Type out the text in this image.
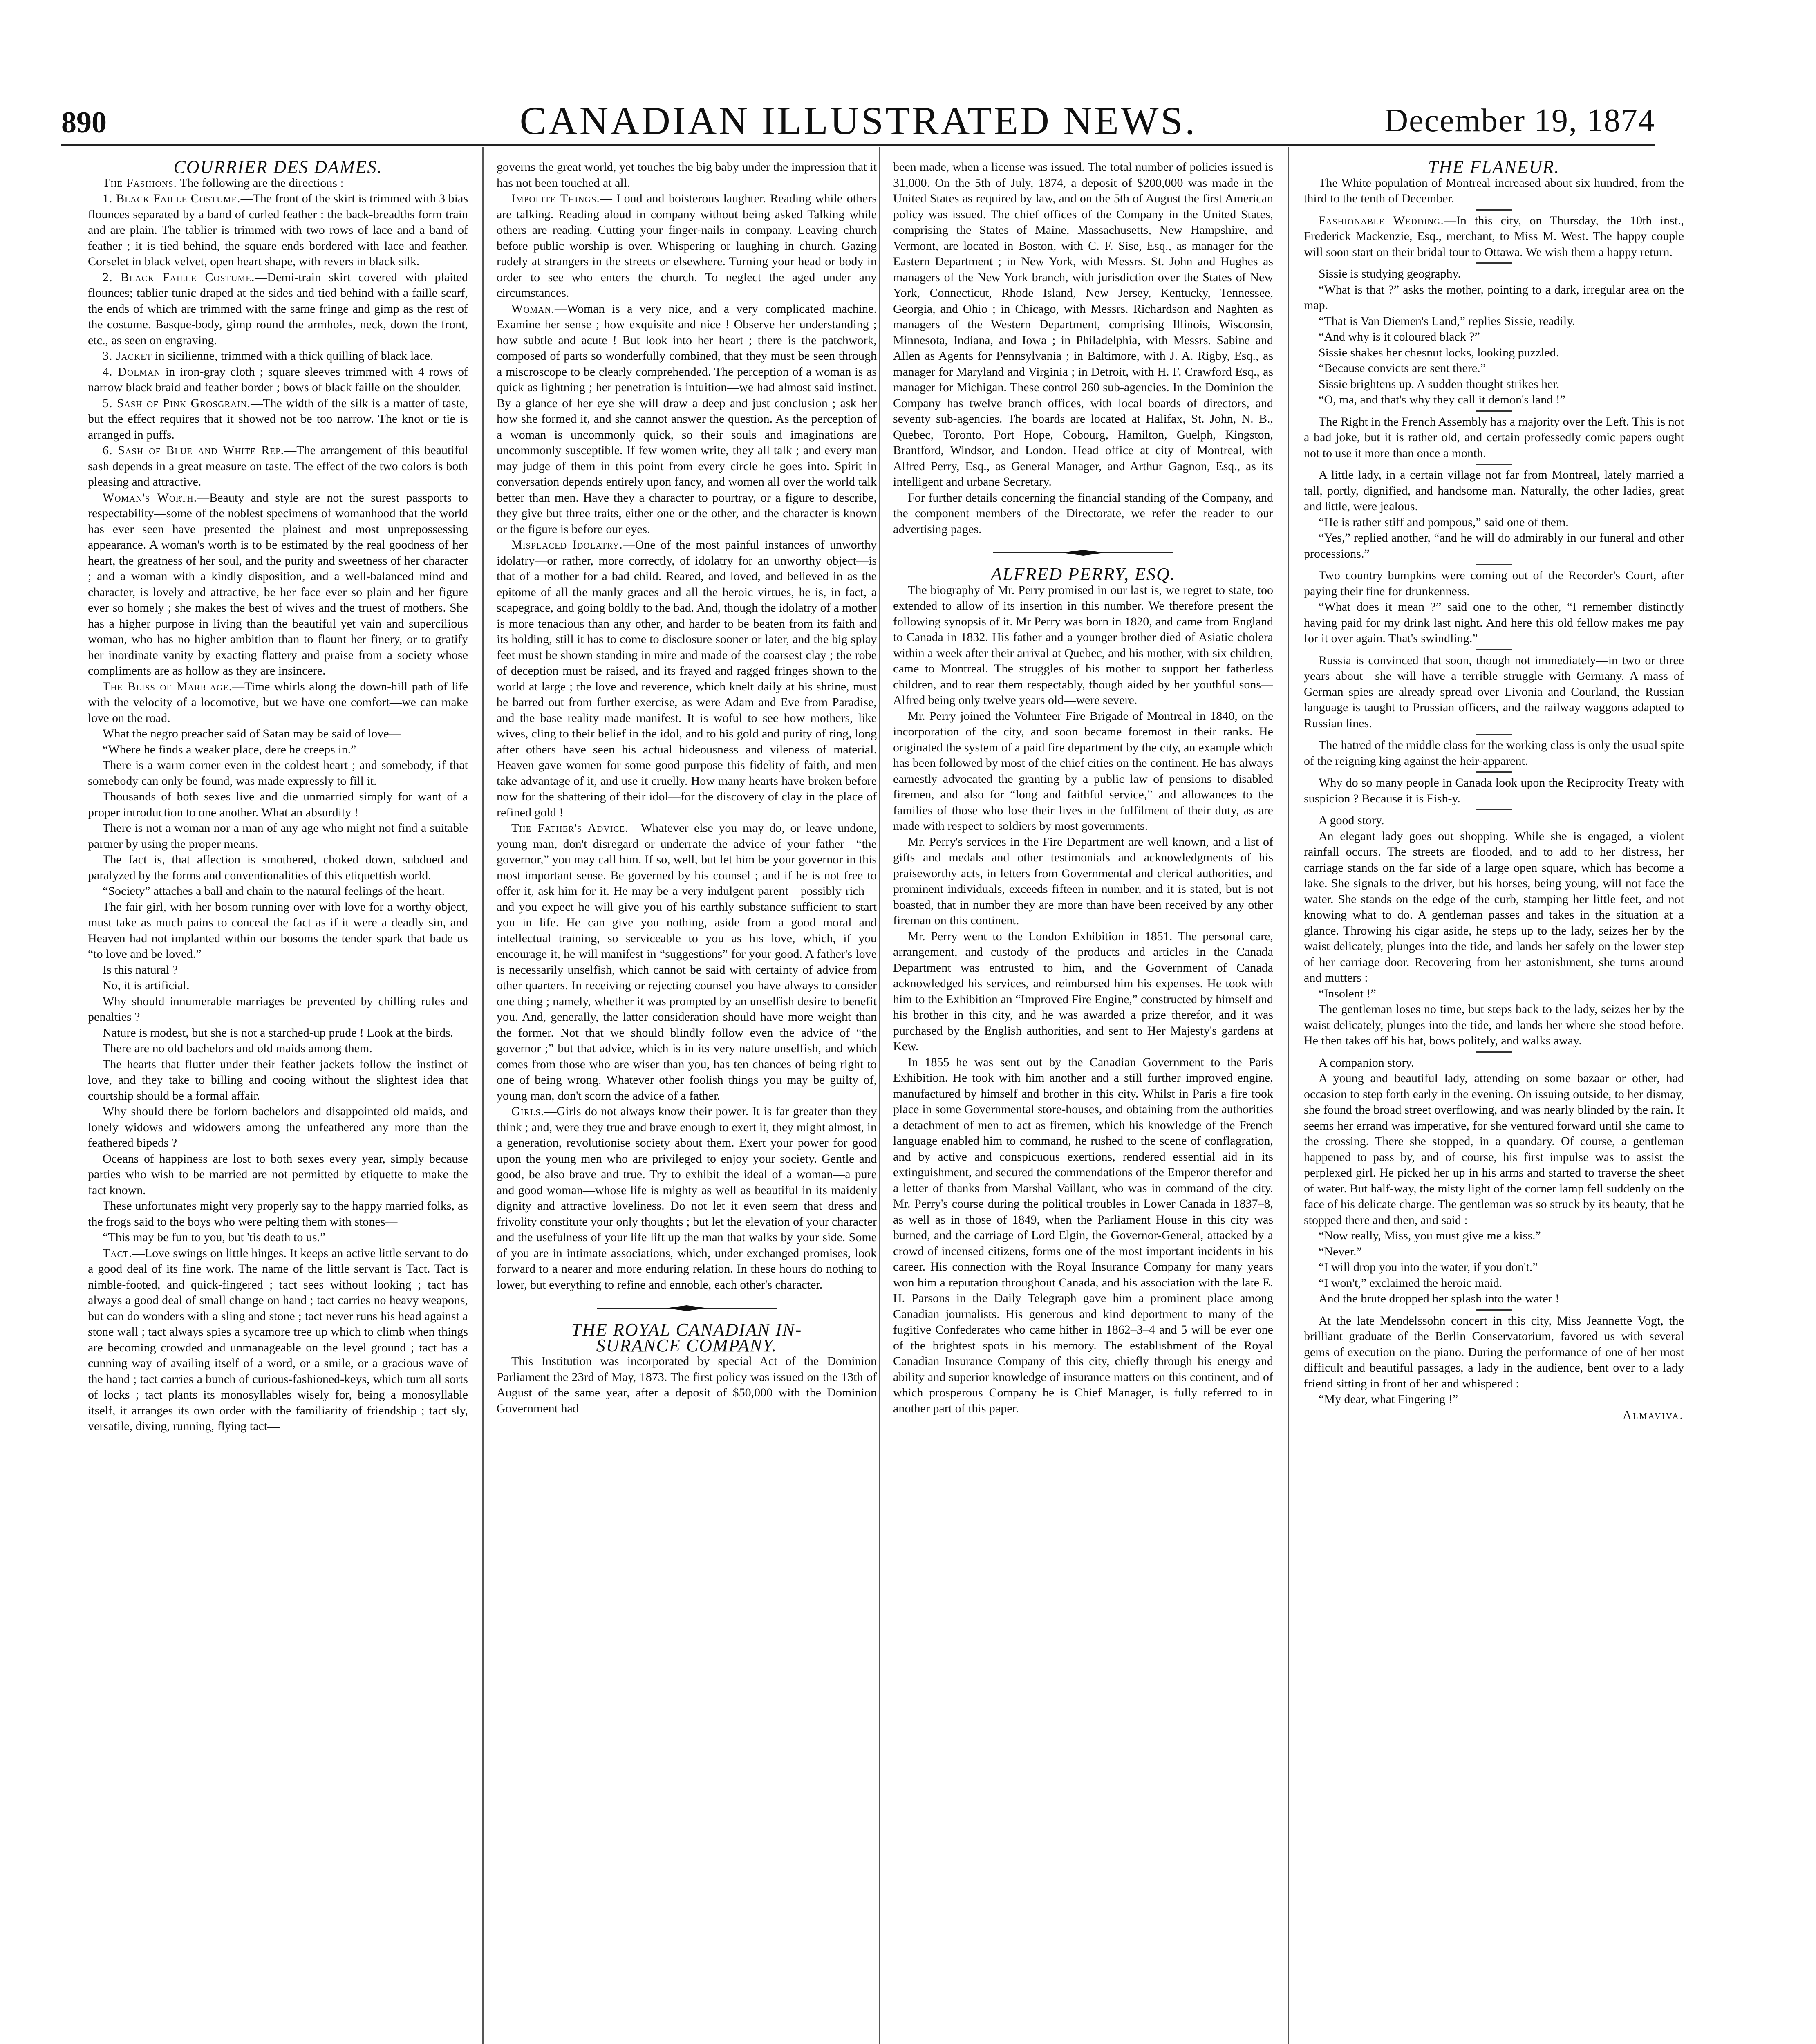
890	CANADIAN ILLUSTRATED NEWS.	December 19, 1874

COURRIER DES DAMES.

The Fashions. The following are the directions :—

1. Black Faille Costume.—The front of the skirt is trimmed with 3 bias flounces separated by a band of curled feather : the back-breadths form train and are plain. The tablier is trimmed with two rows of lace and a band of feather ; it is tied behind, the square ends bordered with lace and feather. Corselet in black velvet, open heart shape, with revers in black silk.

2. Black Faille Costume.—Demi-train skirt covered with plaited flounces; tablier tunic draped at the sides and tied behind with a faille scarf, the ends of which are trimmed with the same fringe and gimp as the rest of the costume. Basque-body, gimp round the armholes, neck, down the front, etc., as seen on engraving.

3. Jacket in sicilienne, trimmed with a thick quilling of black lace.

4. Dolman in iron-gray cloth ; square sleeves trimmed with 4 rows of narrow black braid and feather border ; bows of black faille on the shoulder.

5. Sash of Pink Grosgrain.—The width of the silk is a matter of taste, but the effect requires that it showed not be too narrow. The knot or tie is arranged in puffs.

6. Sash of Blue and White Rep.—The arrangement of this beautiful sash depends in a great measure on taste. The effect of the two colors is both pleasing and attractive.

Woman's Worth.—Beauty and style are not the surest passports to respectability—some of the noblest specimens of womanhood that the world has ever seen have presented the plainest and most unprepossessing appearance. A woman's worth is to be estimated by the real goodness of her heart, the greatness of her soul, and the purity and sweetness of her character ; and a woman with a kindly disposition, and a well-balanced mind and character, is lovely and attractive, be her face ever so plain and her figure ever so homely ; she makes the best of wives and the truest of mothers. She has a higher purpose in living than the beautiful yet vain and supercilious woman, who has no higher ambition than to flaunt her finery, or to gratify her inordinate vanity by exacting flattery and praise from a society whose compliments are as hollow as they are insincere.

The Bliss of Marriage.—Time whirls along the down-hill path of life with the velocity of a locomotive, but we have one comfort—we can make love on the road.

What the negro preacher said of Satan may be said of love—

“Where he finds a weaker place, dere he creeps in.”

There is a warm corner even in the coldest heart ; and somebody, if that somebody can only be found, was made expressly to fill it.

Thousands of both sexes live and die unmarried simply for want of a proper introduction to one another. What an absurdity !

There is not a woman nor a man of any age who might not find a suitable partner by using the proper means.

The fact is, that affection is smothered, choked down, subdued and paralyzed by the forms and conventionalities of this etiquettish world.

“Society” attaches a ball and chain to the natural feelings of the heart.

The fair girl, with her bosom running over with love for a worthy object, must take as much pains to conceal the fact as if it were a deadly sin, and Heaven had not implanted within our bosoms the tender spark that bade us “to love and be loved.”

Is this natural ?

No, it is artificial.

Why should innumerable marriages be prevented by chilling rules and penalties ?

Nature is modest, but she is not a starched-up prude ! Look at the birds.

There are no old bachelors and old maids among them.

The hearts that flutter under their feather jackets follow the instinct of love, and they take to billing and cooing without the slightest idea that courtship should be a formal affair.

Why should there be forlorn bachelors and disappointed old maids, and lonely widows and widowers among the unfeathered any more than the feathered bipeds ?

Oceans of happiness are lost to both sexes every year, simply because parties who wish to be married are not permitted by etiquette to make the fact known.

These unfortunates might very properly say to the happy married folks, as the frogs said to the boys who were pelting them with stones—

“This may be fun to you, but 'tis death to us.”

Tact.—Love swings on little hinges. It keeps an active little servant to do a good deal of its fine work. The name of the little servant is Tact. Tact is nimble-footed, and quick-fingered ; tact sees without looking ; tact has always a good deal of small change on hand ; tact carries no heavy weapons, but can do wonders with a sling and stone ; tact never runs his head against a stone wall ; tact always spies a sycamore tree up which to climb when things are becoming crowded and unmanageable on the level ground ; tact has a cunning way of availing itself of a word, or a smile, or a gracious wave of the hand ; tact carries a bunch of curious-fashioned-keys, which turn all sorts of locks ; tact plants its monosyllables wisely for, being a monosyllable itself, it arranges its own order with the familiarity of friendship ; tact sly, versatile, diving, running, flying tact—

governs the great world, yet touches the big baby under the impression that it has not been touched at all.

Impolite Things.— Loud and boisterous laughter. Reading while others are talking. Reading aloud in company without being asked Talking while others are reading. Cutting your finger-nails in company. Leaving church before public worship is over. Whispering or laughing in church. Gazing rudely at strangers in the streets or elsewhere. Turning your head or body in order to see who enters the church. To neglect the aged under any circumstances.

Woman.—Woman is a very nice, and a very complicated machine. Examine her sense ; how exquisite and nice ! Observe her understanding ; how subtle and acute ! But look into her heart ; there is the patchwork, composed of parts so wonderfully combined, that they must be seen through a miscroscope to be clearly comprehended. The perception of a woman is as quick as lightning ; her penetration is intuition—we had almost said instinct. By a glance of her eye she will draw a deep and just conclusion ; ask her how she formed it, and she cannot answer the question. As the perception of a woman is uncommonly quick, so their souls and imaginations are uncommonly susceptible. If few women write, they all talk ; and every man may judge of them in this point from every circle he goes into. Spirit in conversation depends entirely upon fancy, and women all over the world talk better than men. Have they a character to pourtray, or a figure to describe, they give but three traits, either one or the other, and the character is known or the figure is before our eyes.

Misplaced Idolatry.—One of the most painful instances of unworthy idolatry—or rather, more correctly, of idolatry for an unworthy object—is that of a mother for a bad child. Reared, and loved, and believed in as the epitome of all the manly graces and all the heroic virtues, he is, in fact, a scapegrace, and going boldly to the bad. And, though the idolatry of a mother is more tenacious than any other, and harder to be beaten from its faith and its holding, still it has to come to disclosure sooner or later, and the big splay feet must be shown standing in mire and made of the coarsest clay ; the robe of deception must be raised, and its frayed and ragged fringes shown to the world at large ; the love and reverence, which knelt daily at his shrine, must be barred out from further exercise, as were Adam and Eve from Paradise, and the base reality made manifest. It is woful to see how mothers, like wives, cling to their belief in the idol, and to his gold and purity of ring, long after others have seen his actual hideousness and vileness of material. Heaven gave women for some good purpose this fidelity of faith, and men take advantage of it, and use it cruelly. How many hearts have broken before now for the shattering of their idol—for the discovery of clay in the place of refined gold !

The Father's Advice.—Whatever else you may do, or leave undone, young man, don't disregard or underrate the advice of your father—“the governor,” you may call him. If so, well, but let him be your governor in this most important sense. Be governed by his counsel ; and if he is not free to offer it, ask him for it. He may be a very indulgent parent—possibly rich—and you expect he will give you of his earthly substance sufficient to start you in life. He can give you nothing, aside from a good moral and intellectual training, so serviceable to you as his love, which, if you encourage it, he will manifest in “suggestions” for your good. A father's love is necessarily unselfish, which cannot be said with certainty of advice from other quarters. In receiving or rejecting counsel you have always to consider one thing ; namely, whether it was prompted by an unselfish desire to benefit you. And, generally, the latter consideration should have more weight than the former. Not that we should blindly follow even the advice of “the governor ;” but that advice, which is in its very nature unselfish, and which comes from those who are wiser than you, has ten chances of being right to one of being wrong. Whatever other foolish things you may be guilty of, young man, don't scorn the advice of a father.

Girls.—Girls do not always know their power. It is far greater than they think ; and, were they true and brave enough to exert it, they might almost, in a generation, revolutionise society about them. Exert your power for good upon the young men who are privileged to enjoy your society. Gentle and good, be also brave and true. Try to exhibit the ideal of a woman—a pure and good woman—whose life is mighty as well as beautiful in its maidenly dignity and attractive loveliness. Do not let it even seem that dress and frivolity constitute your only thoughts ; but let the elevation of your character and the usefulness of your life lift up the man that walks by your side. Some of you are in intimate associations, which, under exchanged promises, look forward to a nearer and more enduring relation. In these hours do nothing to lower, but everything to refine and ennoble, each other's character.

THE ROYAL CANADIAN IN-

SURANCE COMPANY.

This Institution was incorporated by special Act of the Dominion Parliament the 23rd of May, 1873. The first policy was issued on the 13th of August of the same year, after a deposit of $50,000 with the Dominion Government had

been made, when a license was issued. The total number of policies issued is 31,000. On the 5th of July, 1874, a deposit of $200,000 was made in the United States as required by law, and on the 5th of August the first American policy was issued. The chief offices of the Company in the United States, comprising the States of Maine, Massachusetts, New Hampshire, and Vermont, are located in Boston, with C. F. Sise, Esq., as manager for the Eastern Department ; in New York, with Messrs. St. John and Hughes as managers of the New York branch, with jurisdiction over the States of New York, Connecticut, Rhode Island, New Jersey, Kentucky, Tennessee, Georgia, and Ohio ; in Chicago, with Messrs. Richardson and Naghten as managers of the Western Department, comprising Illinois, Wisconsin, Minnesota, Indiana, and Iowa ; in Philadelphia, with Messrs. Sabine and Allen as Agents for Pennsylvania ; in Baltimore, with J. A. Rigby, Esq., as manager for Maryland and Virginia ; in Detroit, with H. F. Crawford Esq., as manager for Michigan. These control 260 sub-agencies. In the Dominion the Company has twelve branch offices, with local boards of directors, and seventy sub-agencies. The boards are located at Halifax, St. John, N. B., Quebec, Toronto, Port Hope, Cobourg, Hamilton, Guelph, Kingston, Brantford, Windsor, and London. Head office at city of Montreal, with Alfred Perry, Esq., as General Manager, and Arthur Gagnon, Esq., as its intelligent and urbane Secretary.

For further details concerning the financial standing of the Company, and the component members of the Directorate, we refer the reader to our advertising pages.

ALFRED PERRY, ESQ.

The biography of Mr. Perry promised in our last is, we regret to state, too extended to allow of its insertion in this number. We therefore present the following synopsis of it. Mr Perry was born in 1820, and came from England to Canada in 1832. His father and a younger brother died of Asiatic cholera within a week after their arrival at Quebec, and his mother, with six children, came to Montreal. The struggles of his mother to support her fatherless children, and to rear them respectably, though aided by her youthful sons—Alfred being only twelve years old—were severe.

Mr. Perry joined the Volunteer Fire Brigade of Montreal in 1840, on the incorporation of the city, and soon became foremost in their ranks. He originated the system of a paid fire department by the city, an example which has been followed by most of the chief cities on the continent. He has always earnestly advocated the granting by a public law of pensions to disabled firemen, and also for “long and faithful service,” and allowances to the families of those who lose their lives in the fulfilment of their duty, as are made with respect to soldiers by most governments.

Mr. Perry's services in the Fire Department are well known, and a list of gifts and medals and other testimonials and acknowledgments of his praiseworthy acts, in letters from Governmental and clerical authorities, and prominent individuals, exceeds fifteen in number, and it is stated, but is not boasted, that in number they are more than have been received by any other fireman on this continent.

Mr. Perry went to the London Exhibition in 1851. The personal care, arrangement, and custody of the products and articles in the Canada Department was entrusted to him, and the Government of Canada acknowledged his services, and reimbursed him his expenses. He took with him to the Exhibition an “Improved Fire Engine,” constructed by himself and his brother in this city, and he was awarded a prize therefor, and it was purchased by the English authorities, and sent to Her Majesty's gardens at Kew.

In 1855 he was sent out by the Canadian Government to the Paris Exhibition. He took with him another and a still further improved engine, manufactured by himself and brother in this city. Whilst in Paris a fire took place in some Governmental store-houses, and obtaining from the authorities a detachment of men to act as firemen, which his knowledge of the French language enabled him to command, he rushed to the scene of conflagration, and by active and conspicuous exertions, rendered essential aid in its extinguishment, and secured the commendations of the Emperor therefor and a letter of thanks from Marshal Vaillant, who was in command of the city. Mr. Perry's course during the political troubles in Lower Canada in 1837–8, as well as in those of 1849, when the Parliament House in this city was burned, and the carriage of Lord Elgin, the Governor-General, attacked by a crowd of incensed citizens, forms one of the most important incidents in his career. His connection with the Royal Insurance Company for many years won him a reputation throughout Canada, and his association with the late E. H. Parsons in the Daily Telegraph gave him a prominent place among Canadian journalists. His generous and kind deportment to many of the fugitive Confederates who came hither in 1862–3–4 and 5 will be ever one of the brightest spots in his memory. The establishment of the Royal Canadian Insurance Company of this city, chiefly through his energy and ability and superior knowledge of insurance matters on this continent, and of which prosperous Company he is Chief Manager, is fully referred to in another part of this paper.

THE FLANEUR.

The White population of Montreal increased about six hundred, from the third to the tenth of December.

Fashionable Wedding.—In this city, on Thursday, the 10th inst., Frederick Mackenzie, Esq., merchant, to Miss M. West. The happy couple will soon start on their bridal tour to Ottawa. We wish them a happy return.

Sissie is studying geography.

“What is that ?” asks the mother, pointing to a dark, irregular area on the map.

“That is Van Diemen's Land,” replies Sissie, readily.

“And why is it coloured black ?”

Sissie shakes her chesnut locks, looking puzzled.

“Because convicts are sent there.”

Sissie brightens up. A sudden thought strikes her.

“O, ma, and that's why they call it demon's land !”

The Right in the French Assembly has a majority over the Left. This is not a bad joke, but it is rather old, and certain professedly comic papers ought not to use it more than once a month.

A little lady, in a certain village not far from Montreal, lately married a tall, portly, dignified, and handsome man. Naturally, the other ladies, great and little, were jealous.

“He is rather stiff and pompous,” said one of them.

“Yes,” replied another, “and he will do admirably in our funeral and other processions.”

Two country bumpkins were coming out of the Recorder's Court, after paying their fine for drunkenness.

“What does it mean ?” said one to the other, “I remember distinctly having paid for my drink last night. And here this old fellow makes me pay for it over again. That's swindling.”

Russia is convinced that soon, though not immediately—in two or three years about—she will have a terrible struggle with Germany. A mass of German spies are already spread over Livonia and Courland, the Russian language is taught to Prussian officers, and the railway waggons adapted to Russian lines.

The hatred of the middle class for the working class is only the usual spite of the reigning king against the heir-apparent.

Why do so many people in Canada look upon the Reciprocity Treaty with suspicion ? Because it is Fish-y.

A good story.

An elegant lady goes out shopping. While she is engaged, a violent rainfall occurs. The streets are flooded, and to add to her distress, her carriage stands on the far side of a large open square, which has become a lake. She signals to the driver, but his horses, being young, will not face the water. She stands on the edge of the curb, stamping her little feet, and not knowing what to do. A gentleman passes and takes in the situation at a glance. Throwing his cigar aside, he steps up to the lady, seizes her by the waist delicately, plunges into the tide, and lands her safely on the lower step of her carriage door. Recovering from her astonishment, she turns around and mutters :

“Insolent !”

The gentleman loses no time, but steps back to the lady, seizes her by the waist delicately, plunges into the tide, and lands her where she stood before. He then takes off his hat, bows politely, and walks away.

A companion story.

A young and beautiful lady, attending on some bazaar or other, had occasion to step forth early in the evening. On issuing outside, to her dismay, she found the broad street overflowing, and was nearly blinded by the rain. It seems her errand was imperative, for she ventured forward until she came to the crossing. There she stopped, in a quandary. Of course, a gentleman happened to pass by, and of course, his first impulse was to assist the perplexed girl. He picked her up in his arms and started to traverse the sheet of water. But half-way, the misty light of the corner lamp fell suddenly on the face of his delicate charge. The gentleman was so struck by its beauty, that he stopped there and then, and said :

“Now really, Miss, you must give me a kiss.”

“Never.”

“I will drop you into the water, if you don't.”

“I won't,” exclaimed the heroic maid.

And the brute dropped her splash into the water !

At the late Mendelssohn concert in this city, Miss Jeannette Vogt, the brilliant graduate of the Berlin Conservatorium, favored us with several gems of execution on the piano. During the performance of one of her most difficult and beautiful passages, a lady in the audience, bent over to a lady friend sitting in front of her and whispered :

“My dear, what Fingering !”

Almaviva.
